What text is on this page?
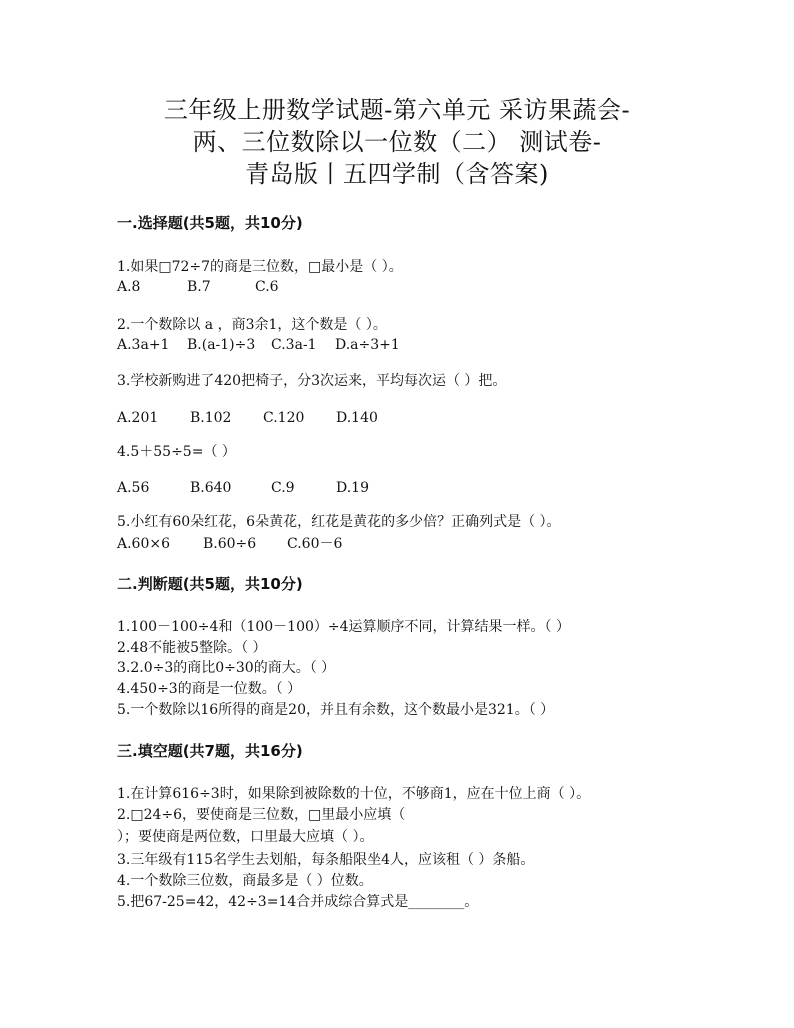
三年级上册数学试题-第六单元 采访果蔬会-
两、三位数除以一位数（二） 测试卷-
青岛版丨五四学制（含答案)
一.选择题(共5题，共10分)
1.如果□72÷7的商是三位数，□最小是（ ）。
A.8	B.7	C.6
2.一个数除以 a ，商3余1，这个数是（ ）。
A.3a+1 B.(a-1)÷3 C.3a-1 D.a÷3+1
3.学校新购进了420把椅子，分3次运来，平均每次运（ ）把。
A.201 B.102 C.120 D.140
4.5＋55÷5=（ ）
A.56	B.640	C.9	D.19
5.小红有60朵红花，6朵黄花，红花是黄花的多少倍？正确列式是（ ）。
A.60×6 B.60÷6 C.60－6
二.判断题(共5题，共10分)
1.100－100÷4和（100－100）÷4运算顺序不同，计算结果一样。（ ）
2.48不能被5整除。（ ）
3.2.0÷3的商比0÷30的商大。（ ）
4.450÷3的商是一位数。（ ）
5.一个数除以16所得的商是20，并且有余数，这个数最小是321。（ ）
三.填空题(共7题，共16分)
1.在计算616÷3时，如果除到被除数的十位，不够商1，应在十位上商（ ）。
2.□24÷6，要使商是三位数，□里最小应填（
）；要使商是两位数，口里最大应填（ ）。
3.三年级有115名学生去划船，每条船限坐4人，应该租（ ）条船。
4.一个数除三位数，商最多是（ ）位数。
5.把67-25=42，42÷3=14合并成综合算式是________。
